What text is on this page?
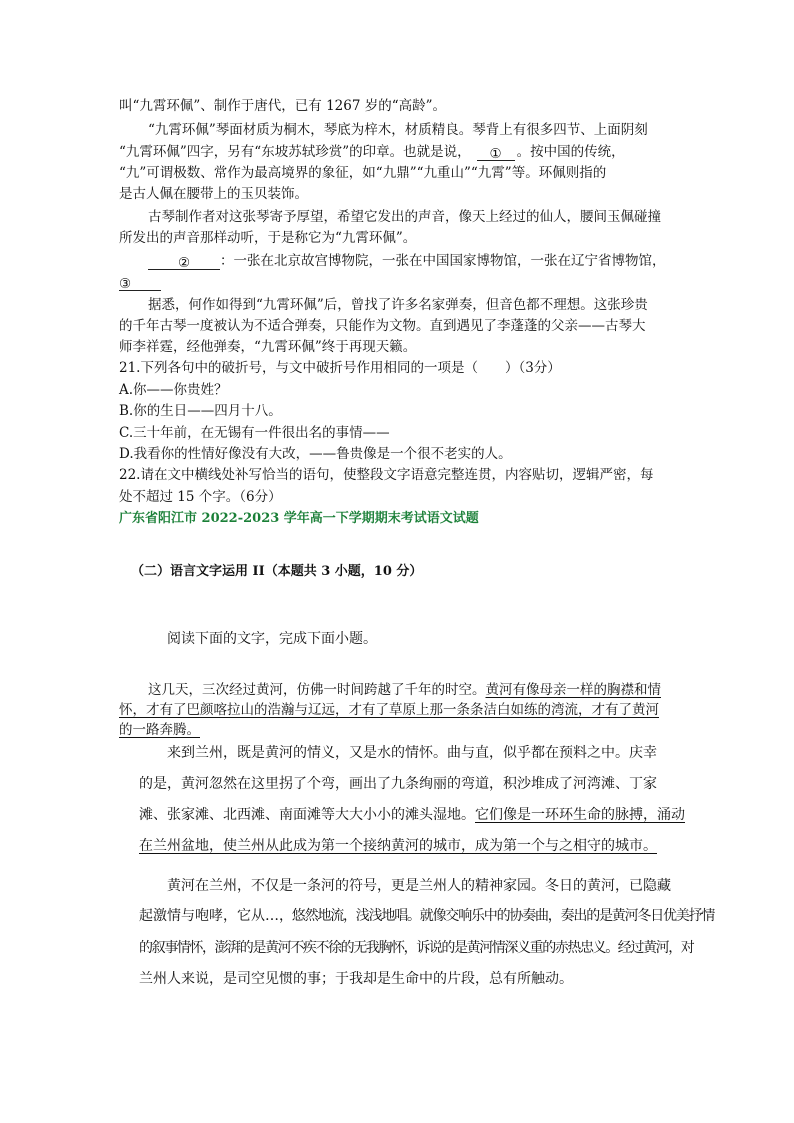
叫“九霄环佩”、制作于唐代，已有 1267 岁的“高龄”。
“九霄环佩”琴面材质为桐木，琴底为梓木，材质精良。琴背上有很多四节、上面阴刻
“九霄环佩”四字，另有“东坡苏轼珍赏”的印章。也就是说， ① 。按中国的传统，
“九”可谓极数、常作为最高境界的象征，如“九鼎”“九重山”“九霄”等。环佩则指的
是古人佩在腰带上的玉贝装饰。
古琴制作者对这张琴寄予厚望，希望它发出的声音，像天上经过的仙人，腰间玉佩碰撞
所发出的声音那样动听，于是称它为“九霄环佩”。
② ：一张在北京故宫博物院，一张在中国国家博物馆，一张在辽宁省博物馆，
③
据悉，何作如得到“九霄环佩”后，曾找了许多名家弹奏，但音色都不理想。这张珍贵
的千年古琴一度被认为不适合弹奏，只能作为文物。直到遇见了李蓬蓬的父亲——古琴大
师李祥霆，经他弹奏，“九霄环佩”终于再现天籁。
21.下列各句中的破折号，与文中破折号作用相同的一项是（　　）（3分）
A.你——你贵姓？
B.你的生日——四月十八。
C.三十年前，在无锡有一件很出名的事情——
D.我看你的性情好像没有大改，——鲁贵像是一个很不老实的人。
22.请在文中横线处补写恰当的语句，使整段文字语意完整连贯，内容贴切，逻辑严密，每
处不超过 15 个字。（6分）
广东省阳江市 2022-2023 学年高一下学期期末考试语文试题
（二）语言文字运用 II（本题共 3 小题，10 分）
阅读下面的文字，完成下面小题。
这几天，三次经过黄河，仿佛一时间跨越了千年的时空。黄河有像母亲一样的胸襟和情
怀，才有了巴颜喀拉山的浩瀚与辽远，才有了草原上那一条条洁白如练的湾流，才有了黄河
的一路奔腾。
来到兰州，既是黄河的情义，又是水的情怀。曲与直，似乎都在预料之中。庆幸
的是，黄河忽然在这里拐了个弯，画出了九条绚丽的弯道，积沙堆成了河湾滩、丁家
滩、张家滩、北西滩、南面滩等大大小小的滩头湿地。它们像是一环环生命的脉搏，涌动
在兰州盆地，使兰州从此成为第一个接纳黄河的城市，成为第一个与之相守的城市。
黄河在兰州，不仅是一条河的符号，更是兰州人的精神家园。冬日的黄河，已隐藏
起激情与咆哮，它从…，悠然地流，浅浅地唱。就像交响乐中的协奏曲，奏出的是黄河冬日优美抒情
的叙事情怀，澎湃的是黄河不疾不徐的无我胸怀，诉说的是黄河情深义重的赤热忠义。经过黄河，对
兰州人来说，是司空见惯的事；于我却是生命中的片段，总有所触动。
